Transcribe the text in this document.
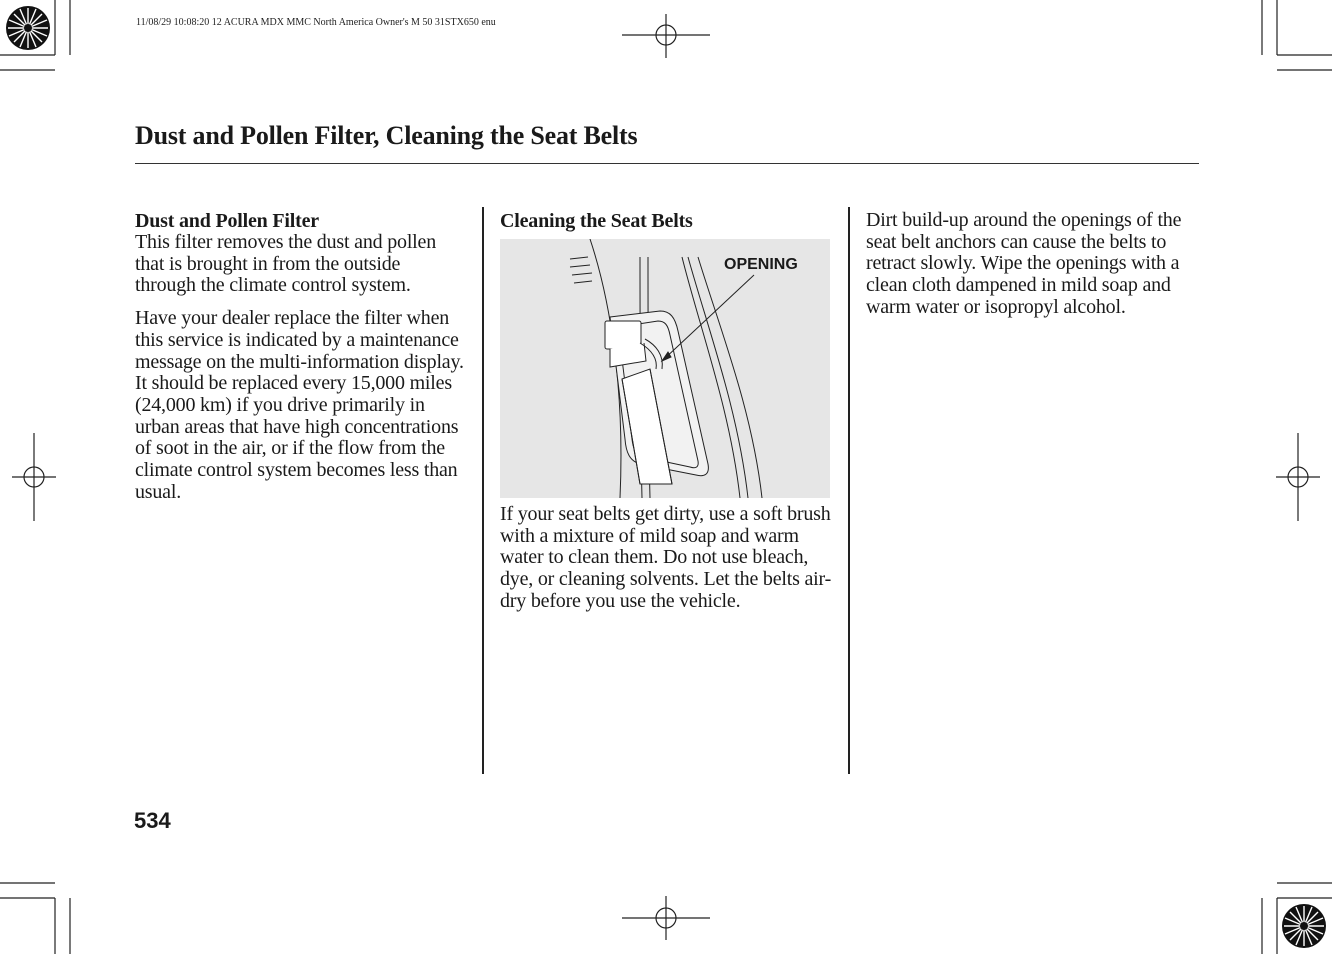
11/08/29 10:08:20 12 ACURA MDX MMC North America Owner's M 50 31STX650 enu
Dust and Pollen Filter, Cleaning the Seat Belts
Dust and Pollen Filter

This filter removes the dust and pollen that is brought in from the outside through the climate control system.

Have your dealer replace the filter when this service is indicated by a maintenance message on the multi-information display. It should be replaced every 15,000 miles (24,000 km) if you drive primarily in urban areas that have high concentrations of soot in the air, or if the flow from the climate control system becomes less than usual.

Cleaning the Seat Belts
OPENING

If your seat belts get dirty, use a soft brush with a mixture of mild soap and warm water to clean them. Do not use bleach, dye, or cleaning solvents. Let the belts air-dry before you use the vehicle.

Dirt build-up around the openings of the seat belt anchors can cause the belts to retract slowly. Wipe the openings with a clean cloth dampened in mild soap and warm water or isopropyl alcohol.

534
